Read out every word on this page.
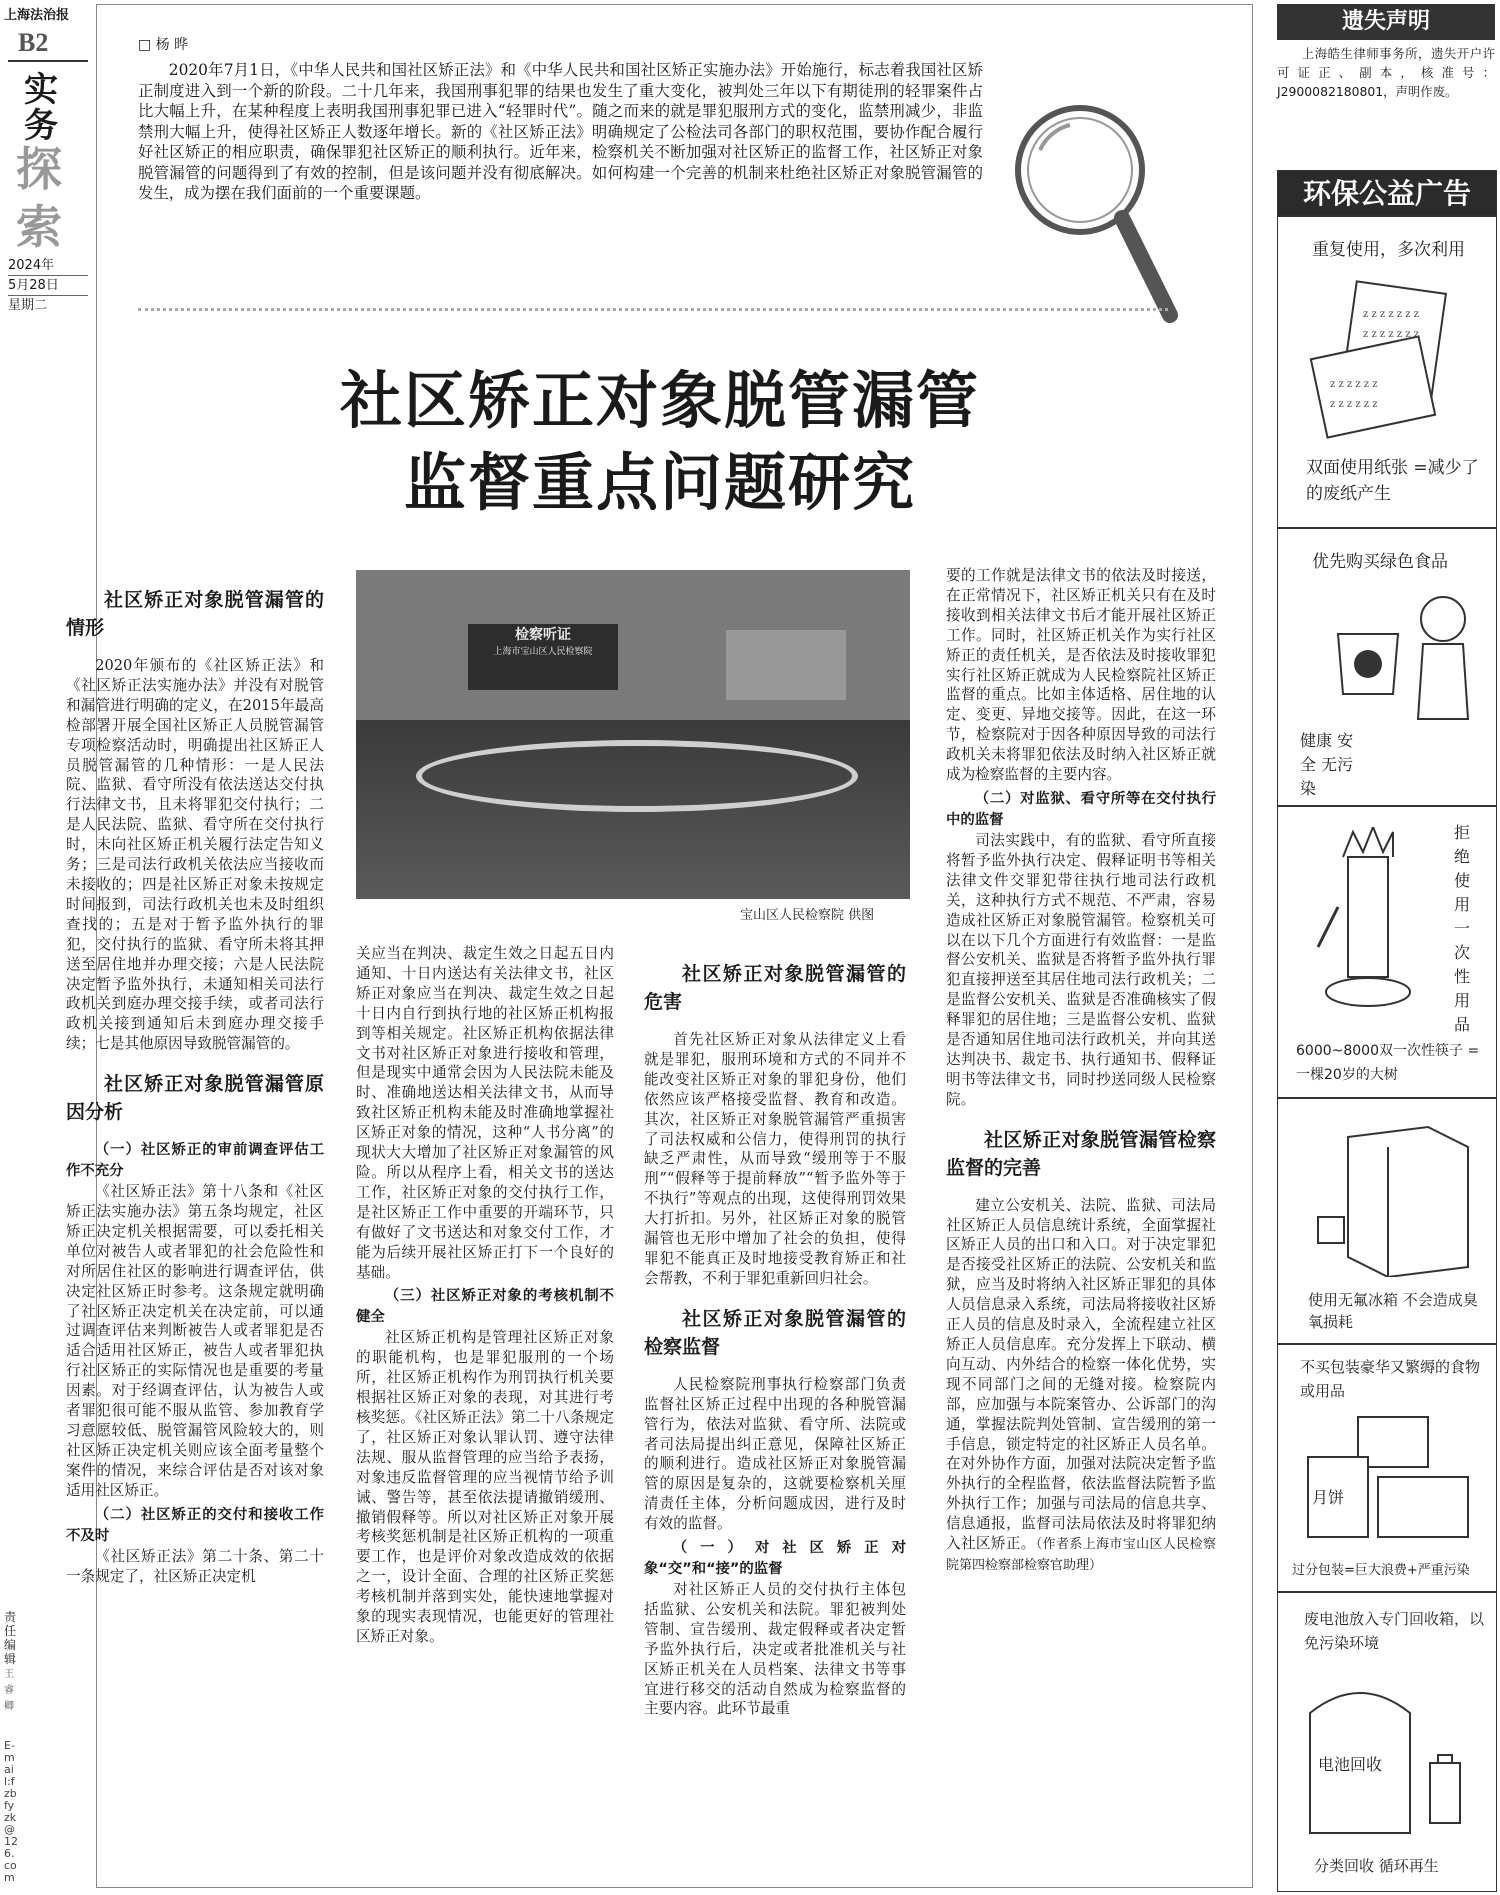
上海法治报
B2
实务
探索
2024年
5月28日
星期二
责任编辑王睿卿
E-mail:fzbfyzk@126.com
□ 杨 晔
2020年7月1日，《中华人民共和国社区矫正法》和《中华人民共和国社区矫正实施办法》开始施行，标志着我国社区矫正制度进入到一个新的阶段。二十几年来，我国刑事犯罪的结果也发生了重大变化，被判处三年以下有期徒刑的轻罪案件占比大幅上升，在某种程度上表明我国刑事犯罪已进入“轻罪时代”。随之而来的就是罪犯服刑方式的变化，监禁刑减少，非监禁刑大幅上升，使得社区矫正人数逐年增长。新的《社区矫正法》明确规定了公检法司各部门的职权范围，要协作配合履行好社区矫正的相应职责，确保罪犯社区矫正的顺利执行。近年来，检察机关不断加强对社区矫正的监督工作，社区矫正对象脱管漏管的问题得到了有效的控制，但是该问题并没有彻底解决。如何构建一个完善的机制来杜绝社区矫正对象脱管漏管的发生，成为摆在我们面前的一个重要课题。
社区矫正对象脱管漏管
监督重点问题研究
检察听证
上海市宝山区人民检察院
宝山区人民检察院 供图
社区矫正对象脱管漏管的情形

2020年颁布的《社区矫正法》和《社区矫正法实施办法》并没有对脱管和漏管进行明确的定义，在2015年最高检部署开展全国社区矫正人员脱管漏管专项检察活动时，明确提出社区矫正人员脱管漏管的几种情形：一是人民法院、监狱、看守所没有依法送达交付执行法律文书，且未将罪犯交付执行；二是人民法院、监狱、看守所在交付执行时，未向社区矫正机关履行法定告知义务；三是司法行政机关依法应当接收而未接收的；四是社区矫正对象未按规定时间报到，司法行政机关也未及时组织查找的；五是对于暂予监外执行的罪犯，交付执行的监狱、看守所未将其押送至居住地并办理交接；六是人民法院决定暂予监外执行，未通知相关司法行政机关到庭办理交接手续，或者司法行政机关接到通知后未到庭办理交接手续；七是其他原因导致脱管漏管的。

社区矫正对象脱管漏管原因分析
（一）社区矫正的审前调查评估工作不充分

《社区矫正法》第十八条和《社区矫正法实施办法》第五条均规定，社区矫正决定机关根据需要，可以委托相关单位对被告人或者罪犯的社会危险性和对所居住社区的影响进行调查评估，供决定社区矫正时参考。这条规定就明确了社区矫正决定机关在决定前，可以通过调查评估来判断被告人或者罪犯是否适合适用社区矫正，被告人或者罪犯执行社区矫正的实际情况也是重要的考量因素。对于经调查评估，认为被告人或者罪犯很可能不服从监管、参加教育学习意愿较低、脱管漏管风险较大的，则社区矫正决定机关则应该全面考量整个案件的情况，来综合评估是否对该对象适用社区矫正。

（二）社区矫正的交付和接收工作不及时

《社区矫正法》第二十条、第二十一条规定了，社区矫正决定机

关应当在判决、裁定生效之日起五日内通知、十日内送达有关法律文书，社区矫正对象应当在判决、裁定生效之日起十日内自行到执行地的社区矫正机构报到等相关规定。社区矫正机构依据法律文书对社区矫正对象进行接收和管理，但是现实中通常会因为人民法院未能及时、准确地送达相关法律文书，从而导致社区矫正机构未能及时准确地掌握社区矫正对象的情况，这种“人书分离”的现状大大增加了社区矫正对象漏管的风险。所以从程序上看，相关文书的送达工作，社区矫正对象的交付执行工作，是社区矫正工作中重要的开端环节，只有做好了文书送达和对象交付工作，才能为后续开展社区矫正打下一个良好的基础。

（三）社区矫正对象的考核机制不健全

社区矫正机构是管理社区矫正对象的职能机构，也是罪犯服刑的一个场所，社区矫正机构作为刑罚执行机关要根据社区矫正对象的表现，对其进行考核奖惩。《社区矫正法》第二十八条规定了，社区矫正对象认罪认罚、遵守法律法规、服从监督管理的应当给予表扬，对象违反监督管理的应当视情节给予训诫、警告等，甚至依法提请撤销缓刑、撤销假释等。所以对社区矫正对象开展考核奖惩机制是社区矫正机构的一项重要工作，也是评价对象改造成效的依据之一，设计全面、合理的社区矫正奖惩考核机制并落到实处，能快速地掌握对象的现实表现情况，也能更好的管理社区矫正对象。

社区矫正对象脱管漏管的危害

首先社区矫正对象从法律定义上看就是罪犯，服刑环境和方式的不同并不能改变社区矫正对象的罪犯身份，他们依然应该严格接受监督、教育和改造。其次，社区矫正对象脱管漏管严重损害了司法权威和公信力，使得刑罚的执行缺乏严肃性，从而导致“缓刑等于不服刑”“假释等于提前释放”“暂予监外等于不执行”等观点的出现，这使得刑罚效果大打折扣。另外，社区矫正对象的脱管漏管也无形中增加了社会的负担，使得罪犯不能真正及时地接受教育矫正和社会帮教，不利于罪犯重新回归社会。

社区矫正对象脱管漏管的检察监督

人民检察院刑事执行检察部门负责监督社区矫正过程中出现的各种脱管漏管行为，依法对监狱、看守所、法院或者司法局提出纠正意见，保障社区矫正的顺利进行。造成社区矫正对象脱管漏管的原因是复杂的，这就要检察机关厘清责任主体，分析问题成因，进行及时有效的监督。

（一）对社区矫正对象“交”和“接”的监督

对社区矫正人员的交付执行主体包括监狱、公安机关和法院。罪犯被判处管制、宣告缓刑、裁定假释或者决定暂予监外执行后，决定或者批准机关与社区矫正机关在人员档案、法律文书等事宜进行移交的活动自然成为检察监督的主要内容。此环节最重

要的工作就是法律文书的依法及时接送，在正常情况下，社区矫正机关只有在及时接收到相关法律文书后才能开展社区矫正工作。同时，社区矫正机关作为实行社区矫正的责任机关，是否依法及时接收罪犯实行社区矫正就成为人民检察院社区矫正监督的重点。比如主体适格、居住地的认定、变更、异地交接等。因此，在这一环节，检察院对于因各种原因导致的司法行政机关未将罪犯依法及时纳入社区矫正就成为检察监督的主要内容。

（二）对监狱、看守所等在交付执行中的监督

司法实践中，有的监狱、看守所直接将暂予监外执行决定、假释证明书等相关法律文件交罪犯带往执行地司法行政机关，这种执行方式不规范、不严肃，容易造成社区矫正对象脱管漏管。检察机关可以在以下几个方面进行有效监督：一是监督公安机关、监狱是否将暂予监外执行罪犯直接押送至其居住地司法行政机关；二是监督公安机关、监狱是否准确核实了假释罪犯的居住地；三是监督公安机、监狱是否通知居住地司法行政机关，并向其送达判决书、裁定书、执行通知书、假释证明书等法律文书，同时抄送同级人民检察院。

社区矫正对象脱管漏管检察监督的完善

建立公安机关、法院、监狱、司法局社区矫正人员信息统计系统，全面掌握社区矫正人员的出口和入口。对于决定罪犯是否接受社区矫正的法院、公安机关和监狱，应当及时将纳入社区矫正罪犯的具体人员信息录入系统，司法局将接收社区矫正人员的信息及时录入，全流程建立社区矫正人员信息库。充分发挥上下联动、横向互动、内外结合的检察一体化优势，实现不同部门之间的无缝对接。检察院内部，应加强与本院案管办、公诉部门的沟通，掌握法院判处管制、宣告缓刑的第一手信息，锁定特定的社区矫正人员名单。在对外协作方面，加强对法院决定暂予监外执行的全程监督，依法监督法院暂予监外执行工作；加强与司法局的信息共享、信息通报，监督司法局依法及时将罪犯纳入社区矫正。（作者系上海市宝山区人民检察院第四检察部检察官助理）

遗失声明

上海皓生律师事务所，遗失开户许可证正、副本，核准号：J2900082180801，声明作废。

环保公益广告
重复使用，多次利用
z z z z z z z
z z z z z z z
z z z z z z
z z z z z z
双面使用纸张 =减少了的废纸产生
优先购买绿色食品
健康 安全 无污染
拒绝使用一次性用品
6000~8000双一次性筷子 =一棵20岁的大树
使用无氟冰箱 不会造成臭氧损耗
不买包装豪华又繁缛的食物或用品
月饼
过分包装=巨大浪费+严重污染
废电池放入专门回收箱，以免污染环境
电池回收
分类回收 循环再生
